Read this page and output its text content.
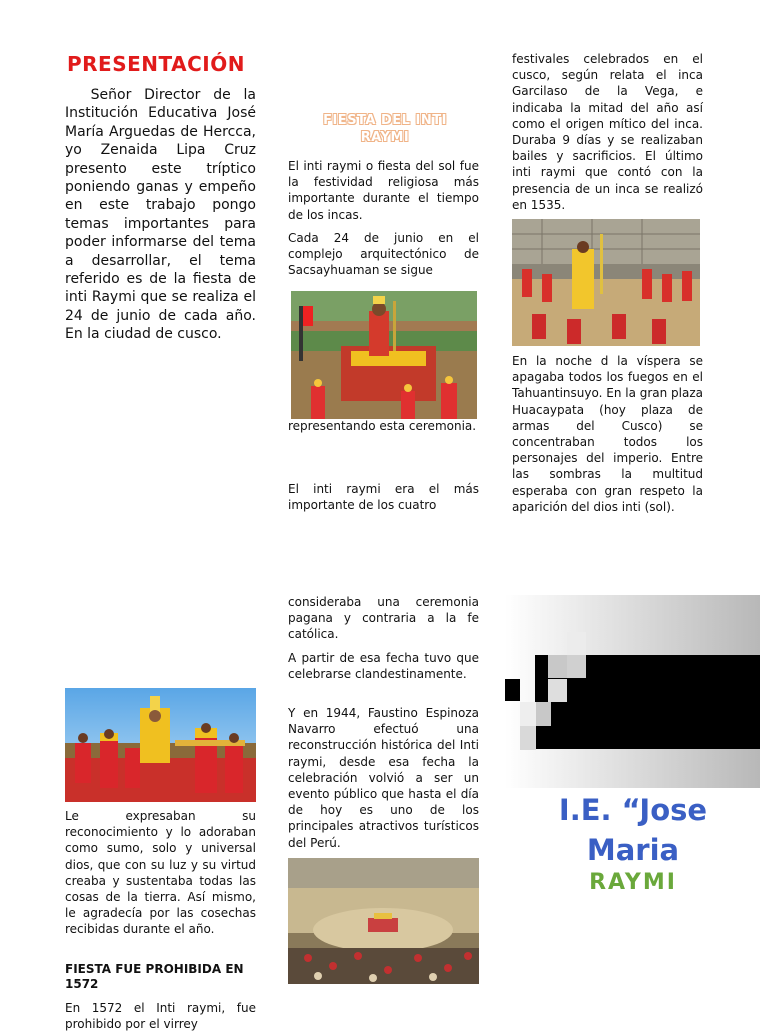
PRESENTACIÓN
Señor Director de la Institución Educativa José María Arguedas de Hercca, yo Zenaida Lipa Cruz presento este tríptico poniendo ganas y empeño en este trabajo pongo temas importantes para poder informarse del tema a desarrollar, el tema referido es de la fiesta de inti Raymi que se realiza el 24 de junio de cada año. En la ciudad de cusco.
Le expresaban su reconocimiento y lo adoraban como sumo, solo y universal dios, que con su luz y su virtud creaba y sustentaba todas las cosas de la tierra. Así mismo, le agradecía por las cosechas recibidas durante el año.
FIESTA FUE PROHIBIDA EN 1572
En 1572 el Inti raymi, fue prohibido por el virrey
FIESTA DEL INTI RAYMI
El inti raymi o fiesta del sol fue la festividad religiosa más importante durante el tiempo de los incas.
Cada 24 de junio en el complejo arquitectónico de Sacsayhuaman se sigue
representando esta ceremonia.
El inti raymi era el más importante de los cuatro
consideraba una ceremonia pagana y contraria a la fe católica.
A partir de esa fecha tuvo que celebrarse clandestinamente.
Y en 1944, Faustino Espinoza Navarro efectuó una reconstrucción histórica del Inti raymi, desde esa fecha la celebración volvió a ser un evento público que hasta el día de hoy es uno de los principales atractivos turísticos del Perú.
festivales celebrados en el cusco, según relata el inca Garcilaso de la Vega, e indicaba la mitad del año así como el origen mítico del inca. Duraba 9 días y se realizaban bailes y sacrificios. El último inti raymi que contó con la presencia de un inca se realizó en 1535.
En la noche d la víspera se apagaba todos los fuegos en el Tahuantinsuyo. En la gran plaza Huacaypata (hoy plaza de armas del Cusco) se concentraban todos los personajes del imperio. Entre las sombras la multitud esperaba con gran respeto la aparición del dios inti (sol).
I.E. “Jose Maria
RAYMI
